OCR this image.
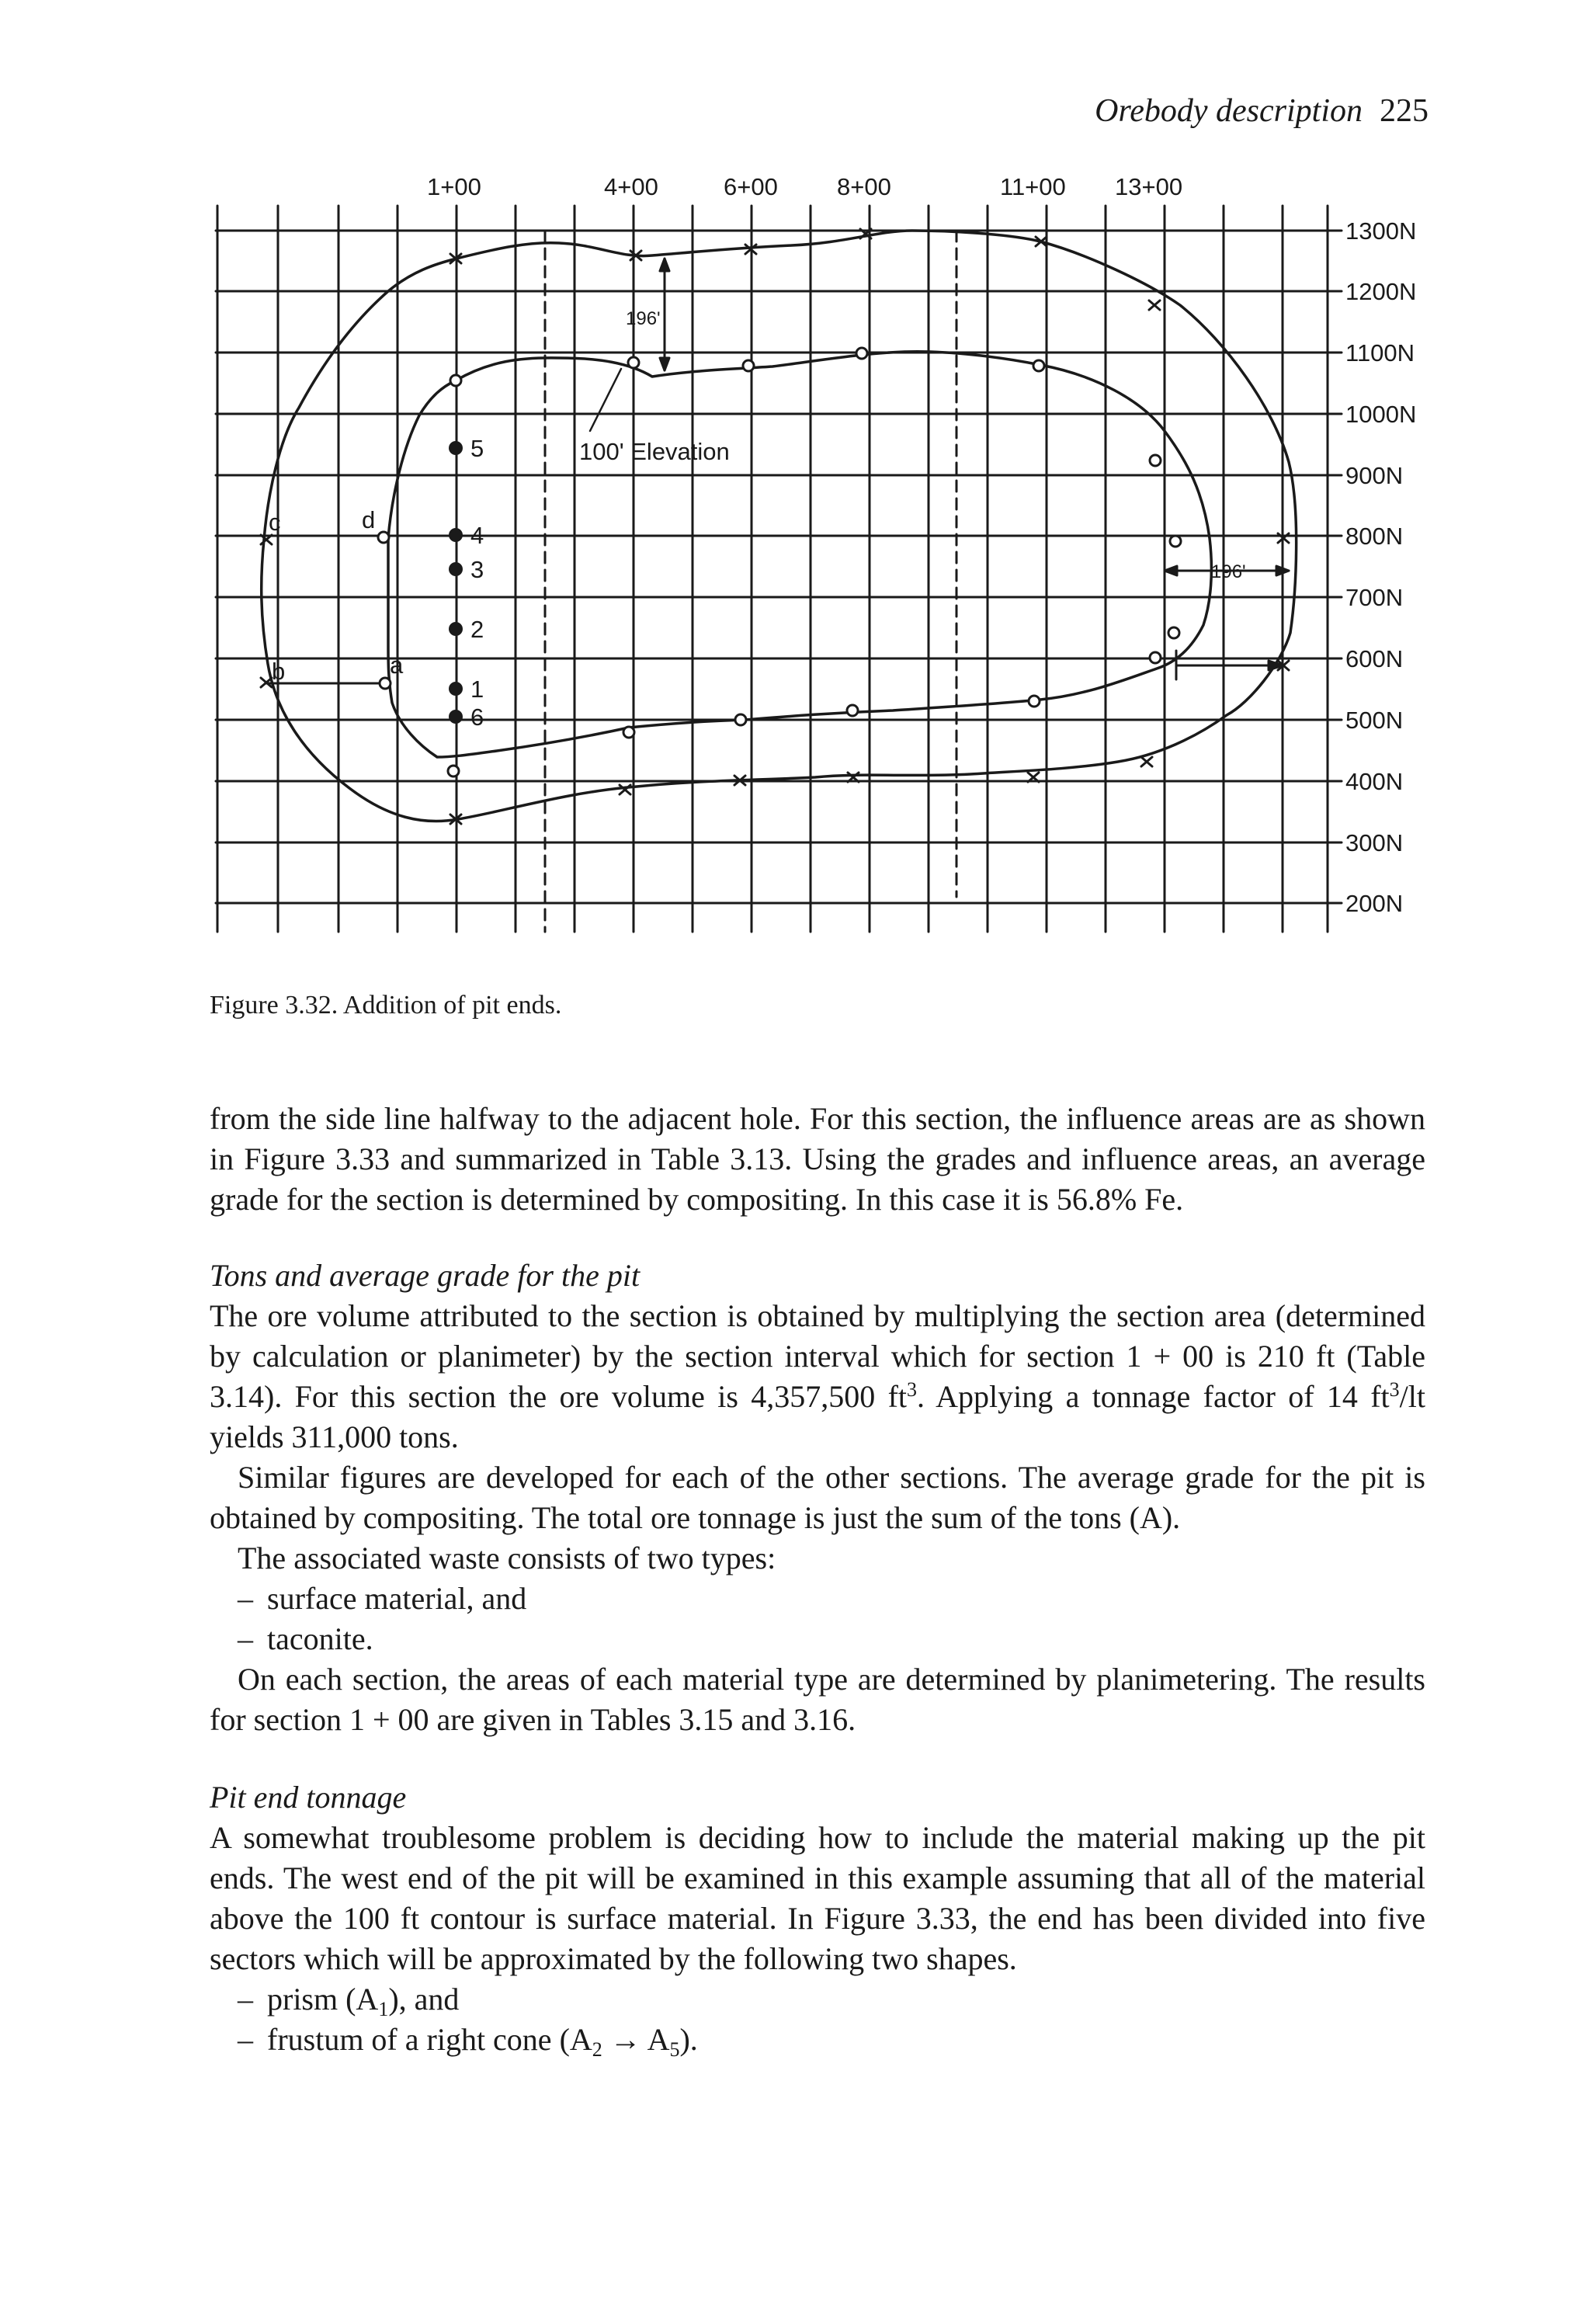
Orebody description 225
1+00	4+00	6+00 8+00	11+00 13+00
1300N
1200N
1100N
1000N
900N
800N
700N
600N
500N
400N
300N
200N
5
4
3
2
1
6
c	d
b	a
196'
196'
100' Elevation
Figure 3.32. Addition of pit ends.

from the side line halfway to the adjacent hole. For this section, the influence areas are as shown in Figure 3.33 and summarized in Table 3.13. Using the grades and influence areas, an average grade for the section is determined by compositing. In this case it is 56.8% Fe.

Tons and average grade for the pit

The ore volume attributed to the section is obtained by multiplying the section area (determined by calculation or planimeter) by the section interval which for section 1 + 00 is 210 ft (Table 3.14). For this section the ore volume is 4,357,500 $ft^3$. Applying a tonnage factor of 14 $ft^3/lt$ yields 311,000 tons.

Similar figures are developed for each of the other sections. The average grade for the pit is obtained by compositing. The total ore tonnage is just the sum of the tons (A).

The associated waste consists of two types:

– surface material, and

– taconite.

On each section, the areas of each material type are determined by planimetering. The results for section 1 + 00 are given in Tables 3.15 and 3.16.

Pit end tonnage

A somewhat troublesome problem is deciding how to include the material making up the pit ends. The west end of the pit will be examined in this example assuming that all of the material above the 100 ft contour is surface material. In Figure 3.33, the end has been divided into five sectors which will be approximated by the following two shapes.

– prism $(A_1)$, and

– frustum of a right cone $(A_2 \to A_5)$.
